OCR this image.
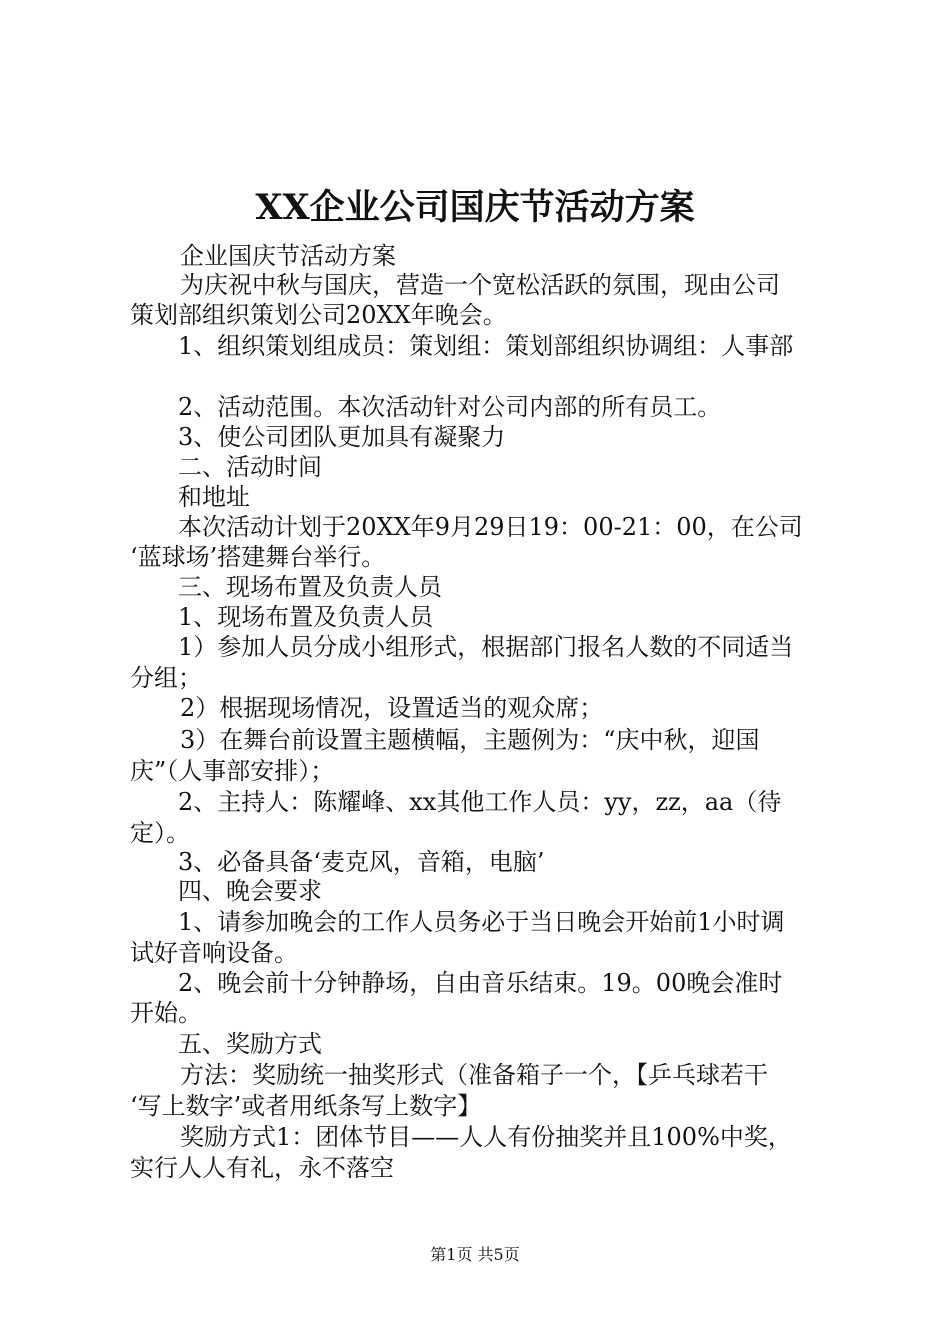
XX企业公司国庆节活动方案
企业国庆节活动方案
为庆祝中秋与国庆，营造一个宽松活跃的氛围，现由公司
策划部组织策划公司20XX年晚会。
1、组织策划组成员：策划组：策划部组织协调组：人事部
2、活动范围。本次活动针对公司内部的所有员工。
3、使公司团队更加具有凝聚力
二、活动时间
和地址
本次活动计划于20XX年9月29日19：00-21：00，在公司
‘蓝球场’搭建舞台举行。
三、现场布置及负责人员
1、现场布置及负责人员
1）参加人员分成小组形式，根据部门报名人数的不同适当
分组；
2）根据现场情况，设置适当的观众席；
3）在舞台前设置主题横幅，主题例为：“庆中秋，迎国
庆”（人事部安排）；
2、主持人：陈耀峰、xx其他工作人员：yy，zz，aa（待
定）。
3、必备具备‘麦克风，音箱，电脑’
四、晚会要求
1、请参加晚会的工作人员务必于当日晚会开始前1小时调
试好音响设备。
2、晚会前十分钟静场，自由音乐结束。19。00晚会准时
开始。
五、奖励方式
方法：奖励统一抽奖形式（准备箱子一个，【乒乓球若干
‘写上数字’或者用纸条写上数字】
奖励方式1：团体节目——人人有份抽奖并且100%中奖，
实行人人有礼，永不落空
第1页 共5页
